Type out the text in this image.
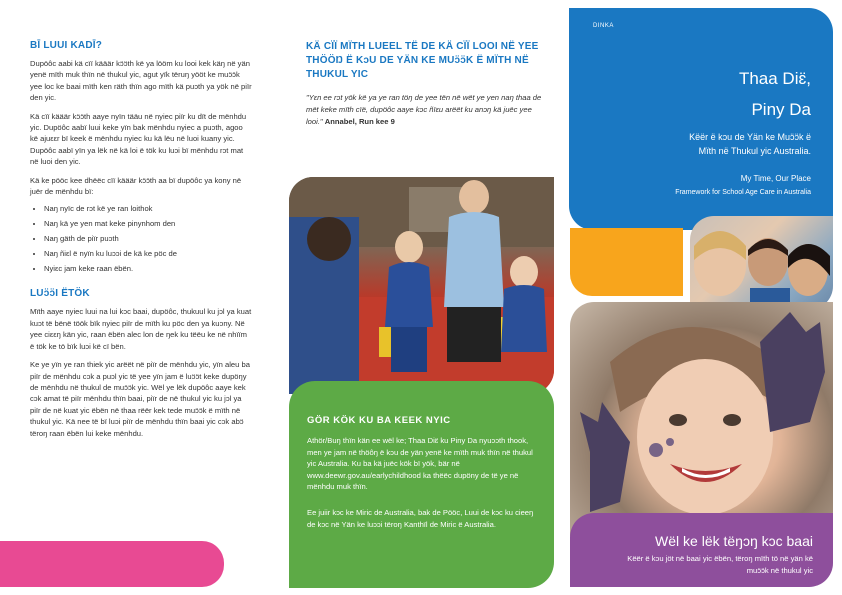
BĪ LUUI KADĪ?

Dupöôc aabi kä cïï kääär kɔ̈ɔ̈th kë ya lööm ku looi kek käŋ në yän yenë mïth muk thïn në thukul yic, agut yïk tëruŋ yööt ke muɔ̈ɔ̈k yee loc ke baai mïth ken räth thïn ago mïth kä puɔth ya yök në piïr den yic.

Kä cïï kääär kɔ̈ɔ̈th aaye nyïn tääu në nyiec piïr ku dït de mënhdu yic. Dupöôc aabï luui keke yïn bak mënhdu nyiec a puɔth, agoo kë ajuεεr bï keek ë mënhdu nyiec ku kä lëu në luoi kuany yic. Dupöôc aabï yïn ya lëk në kä loi ë tök ku luɔi bï mënhdu rɔt mat në luoi den yic.

Kä ke pööc kee dhëëc cïï kääär kɔ̈ɔ̈th aa bï dupöôc ya kony në juër de mënhdu bï:

• Naŋ nyïc de rɔt kë ye ran loithok
• Naŋ kä ye yen mat keke pinynhom den
• Naŋ gäth de piïr puɔth
• Naŋ ñiεl ë nyïn ku luɔɔi de kä ke pöc de
• Nyiεc jam keke raan ëbën.
LUɔ̈ɔ̈I ËTÖK

Mïth aaye nyiec luui na lui kɔc baai, dupöôc, thukuul ku jɔl ya kuat kuɔt të bënë töök bïk nyiec piïr de mïth ku pöc den ya kuɔny. Në yee ciεεŋ kän yic, raan ëbën alec lon de ŋek ku tëëu ke në nhïïm ë tök ke tö bïk luɔi kë cï bën.

Ke ye yïn ye ran thiek yic arëët në piïr de mënhdu yic, yïn aleu ba piïr de mënhdu cɔk a puɔl yic të yee yïn jam ë luɔ̈ɔ̈t keke dupöŋy de mënhdu në thukul de muɔ̈ɔ̈k yic. Wël ye lëk dupöôc aaye kek cɔk amat të piïr mënhdu thïn baai, piïr de në thukul yic ku jɔl ya piïr de në kuat yic ëbën në thaa rëër kek tede muɔ̈ɔ̈k ë mïth në thukul yic. Kä nee të bï luɔi piïr de mënhdu thïn baai yic cɔk abɔ̈ tëroŋ raan ëbën lui keke mënhdu.

KÄ CÏÏ MÏTH LUEEL TË DE KÄ CÏÏ LOOI NË YEE THÖÖŊ Ë KɔU DE YÄN KE MUɔ̈ɔ̈K Ë MÏTH NË THUKUL YIC

"Yεn ee rɔt yök kë ya ye ran töŋ de yee tën në wët ye yen naŋ thaa de mët keke mïth cïë, dupöôc aaye kɔc ñïεu arëët ku anɔŋ kä juëc yee looi." Annabel, Run kee 9

GÖR KÖK KU BA KEEK NYIC

Athör/Buŋ thïn kän ee wël ke; Thaa Diɛ̈ ku Piny Da nyuɔɔth thook, men ye jam në thöôŋ ë kɔu de yän yenë ke mïth muk thïn në thukul yic Australia. Ku ba kä juëc kök bï yök, bär në www.deewr.gov.au/earlychildhood ka thëëc dupöny de të ye në mënhdu muk thïn.

Ee juiir kɔc ke Miric de Australia, bak de Pööc, Luui de kɔc ku cieeŋ de kɔc në Yän ke luɔɔi tëroŋ Kanthïl de Miric ë Australia.

DINKA
Thaa Diɛ̈,
Piny Da
Këër ë kɔu de Yän ke Muɔ̈ɔ̈k ë
Mïth në Thukul yic Australia.
My Time, Our Place
Framework for School Age Care in Australia
Wël ke lëk tëŋɔŋ kɔc baai
Këër ë kɔu jöt në baai yic ëbën, tëroŋ mïth tö në yän kë
muɔ̈ɔ̈k në thukul yic
